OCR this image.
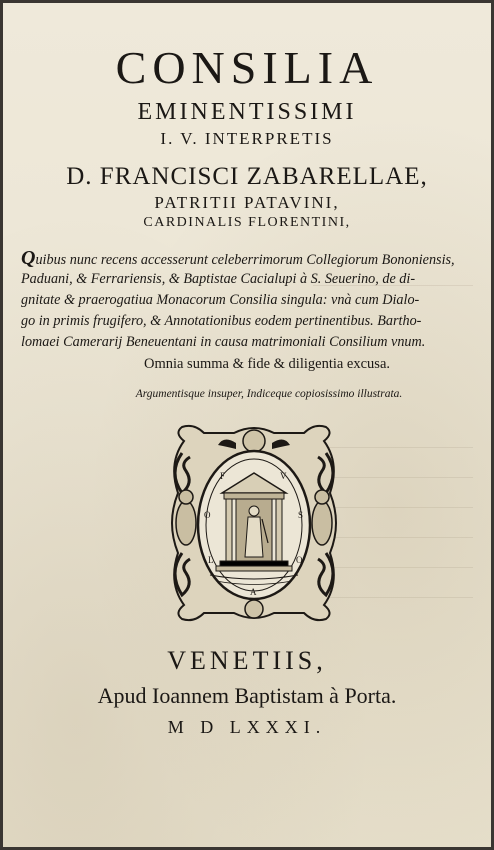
CONSILIA
EMINENTISSIMI
I. V. INTERPRETIS
D. FRANCISCI ZABARELLAE,
PATRITII PATAVINI,
CARDINALIS FLORENTINI,
Quibus nunc recens accesserunt celeberrimorum Collegiorum Bononiensis,
Paduani, & Ferrariensis, & Baptistae Cacialupi à S. Seuerino, de di-
gnitate & praerogatiua Monacorum Consilia singula: vnà cum Dialo-
go in primis frugifero, & Annotationibus eodem pertinentibus. Bartho-
lomaei Camerarij Beneuentani in causa matrimoniali Consilium vnum.
Omnia summa & fide & diligentia excusa.
Argumentisque insuper, Indiceque copiosissimo illustrata.
F	V
S
O
L
O
A
VENETIIS,
Apud Ioannem Baptistam à Porta.
M D LXXXI.
